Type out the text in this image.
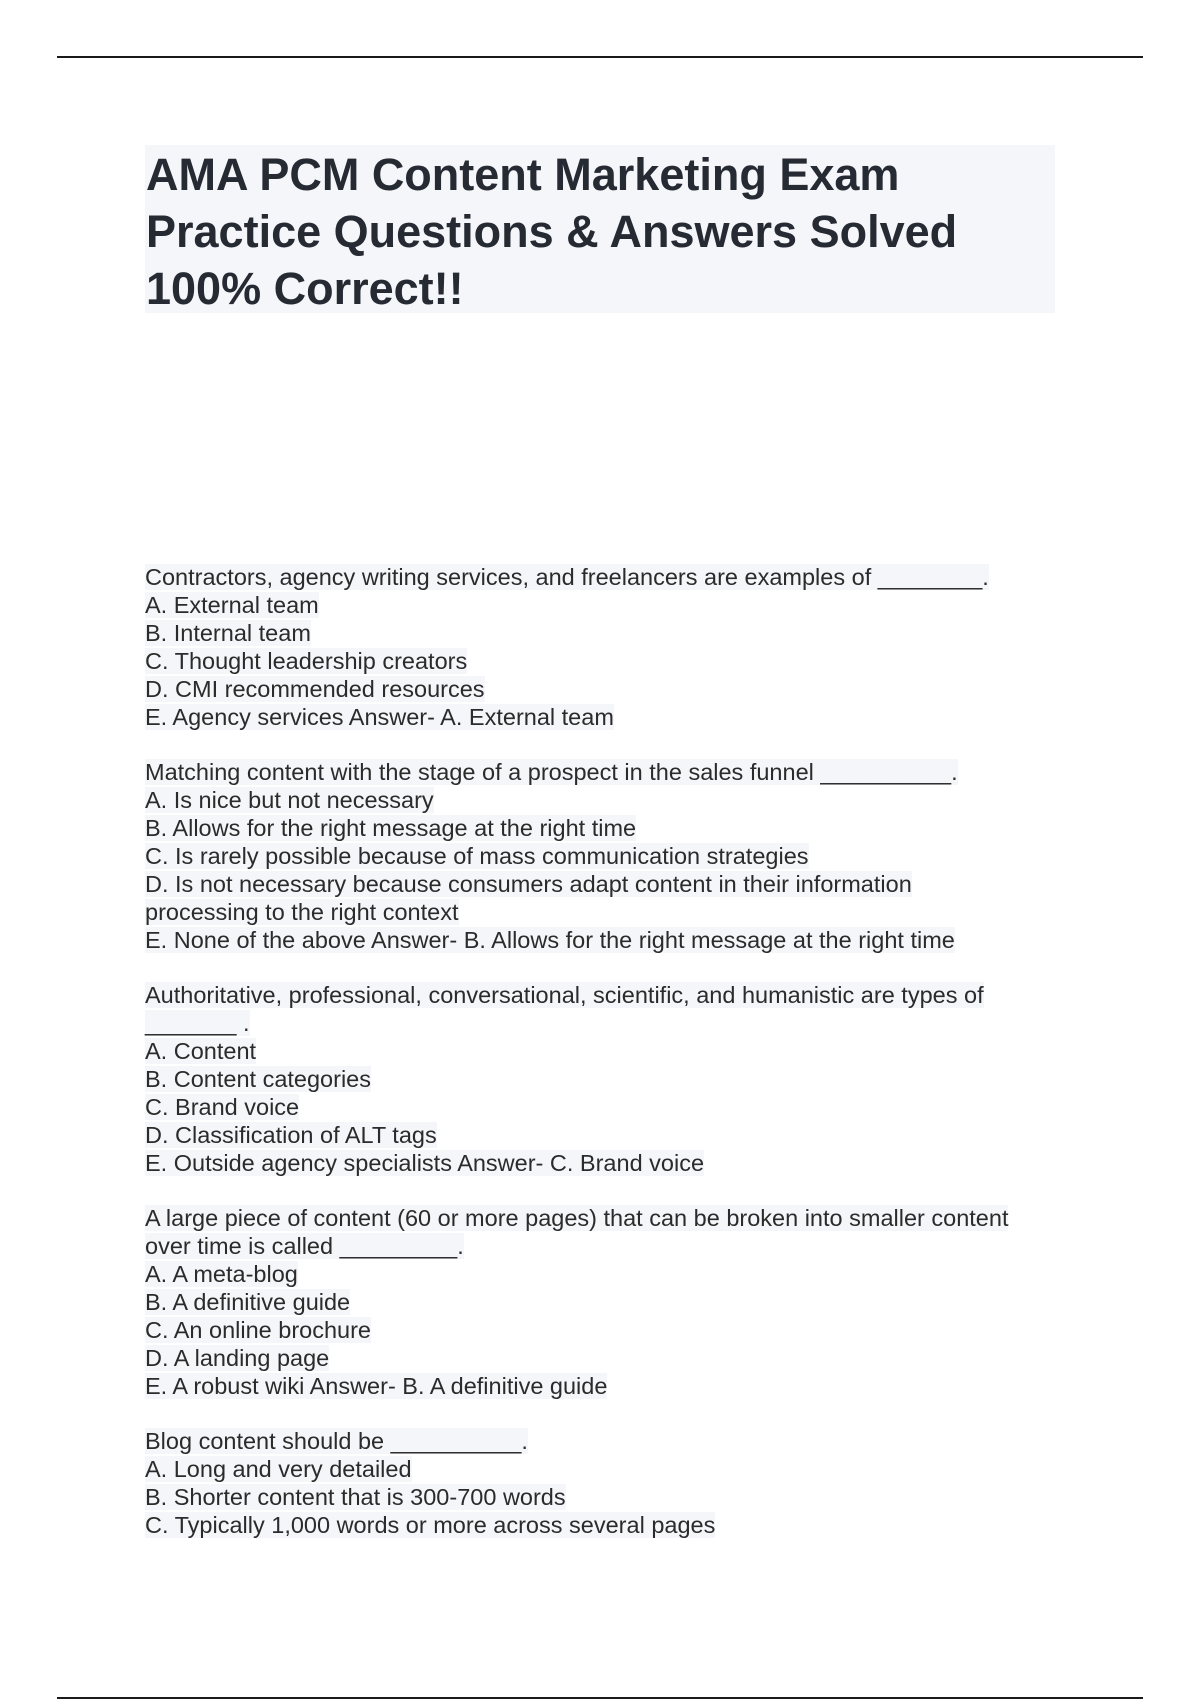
AMA PCM Content Marketing Exam
Practice Questions & Answers Solved
100% Correct!!
Contractors, agency writing services, and freelancers are examples of ________.
A. External team
B. Internal team
C. Thought leadership creators
D. CMI recommended resources
E. Agency services Answer- A. External team
Matching content with the stage of a prospect in the sales funnel __________.
A. Is nice but not necessary
B. Allows for the right message at the right time
C. Is rarely possible because of mass communication strategies
D. Is not necessary because consumers adapt content in their information
processing to the right context
E. None of the above Answer- B. Allows for the right message at the right time
Authoritative, professional, conversational, scientific, and humanistic are types of
_______ .
A. Content
B. Content categories
C. Brand voice
D. Classification of ALT tags
E. Outside agency specialists Answer- C. Brand voice
A large piece of content (60 or more pages) that can be broken into smaller content
over time is called _________.
A. A meta-blog
B. A definitive guide
C. An online brochure
D. A landing page
E. A robust wiki Answer- B. A definitive guide
Blog content should be __________.
A. Long and very detailed
B. Shorter content that is 300-700 words
C. Typically 1,000 words or more across several pages
